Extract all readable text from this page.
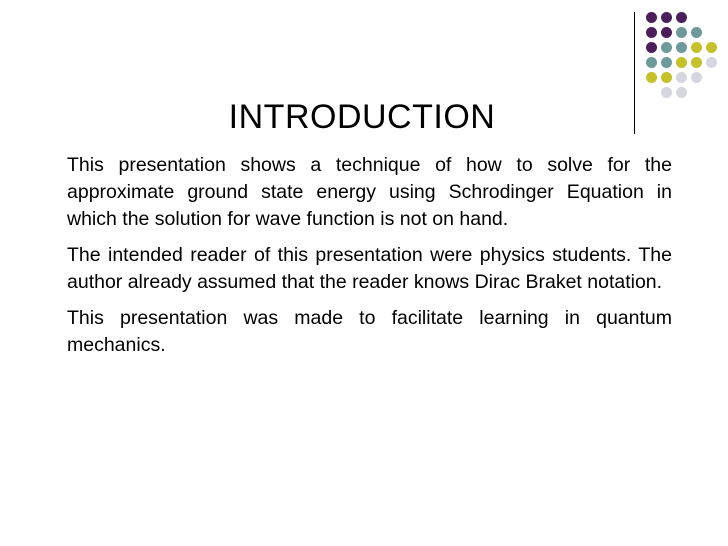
INTRODUCTION

This presentation shows a technique of how to solve for the approximate ground state energy using Schrodinger Equation in which the solution for wave function is not on hand.

The intended reader of this presentation were physics students. The author already assumed that the reader knows Dirac Braket notation.

This presentation was made to facilitate learning in quantum mechanics.
